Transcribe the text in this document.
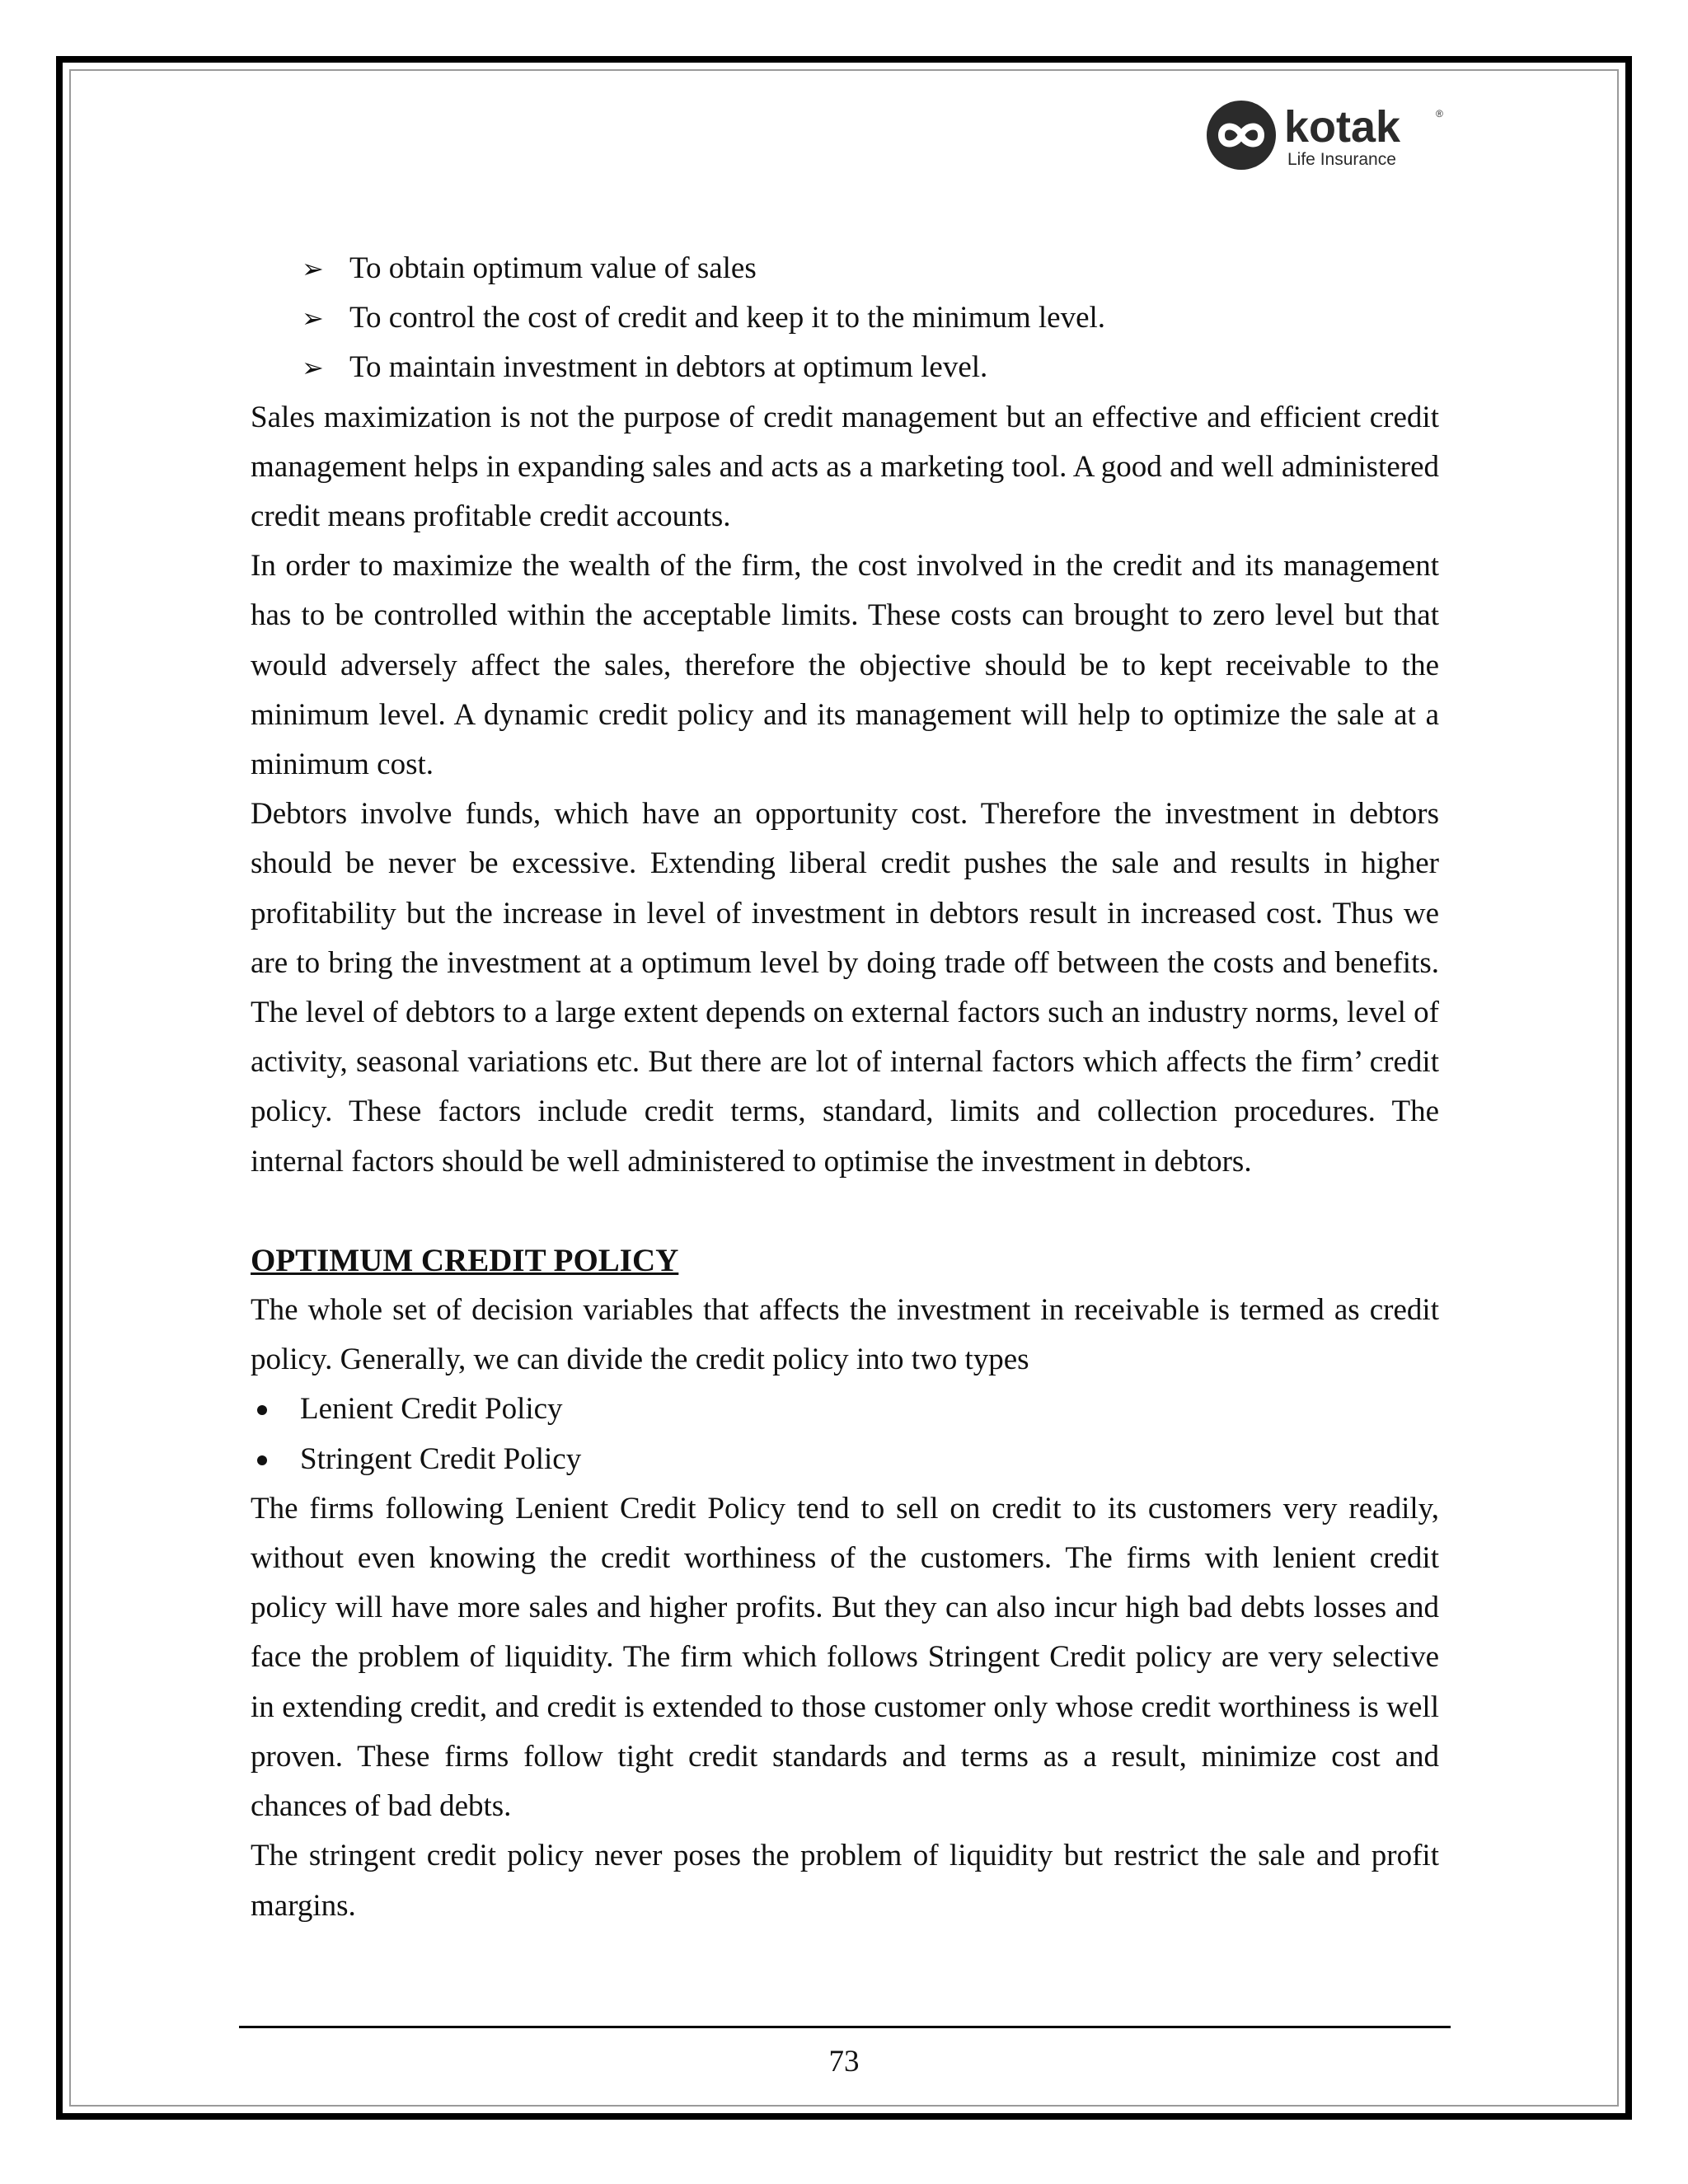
kotak	®
Life Insurance
➢ To obtain optimum value of sales
➢ To control the cost of credit and keep it to the minimum level.
➢ To maintain investment in debtors at optimum level.

Sales maximization is not the purpose of credit management but an effective and efficient credit management helps in expanding sales and acts as a marketing tool. A good and well administered credit means profitable credit accounts.

In order to maximize the wealth of the firm, the cost involved in the credit and its management has to be controlled within the acceptable limits. These costs can brought to zero level but that would adversely affect the sales, therefore the objective should be to kept receivable to the minimum level. A dynamic credit policy and its management will help to optimize the sale at a minimum cost.

Debtors involve funds, which have an opportunity cost. Therefore the investment in debtors should be never be excessive. Extending liberal credit pushes the sale and results in higher profitability but the increase in level of investment in debtors result in increased cost. Thus we are to bring the investment at a optimum level by doing trade off between the costs and benefits. The level of debtors to a large extent depends on external factors such an industry norms, level of activity, seasonal variations etc. But there are lot of internal factors which affects the firm’ credit policy. These factors include credit terms, standard, limits and collection procedures. The internal factors should be well administered to optimise the investment in debtors.

OPTIMUM CREDIT POLICY

The whole set of decision variables that affects the investment in receivable is termed as credit policy. Generally, we can divide the credit policy into two types

Lenient Credit Policy
Stringent Credit Policy

The firms following Lenient Credit Policy tend to sell on credit to its customers very readily, without even knowing the credit worthiness of the customers. The firms with lenient credit policy will have more sales and higher profits. But they can also incur high bad debts losses and face the problem of liquidity. The firm which follows Stringent Credit policy are very selective in extending credit, and credit is extended to those customer only whose credit worthiness is well proven. These firms follow tight credit standards and terms as a result, minimize cost and chances of bad debts.

The stringent credit policy never poses the problem of liquidity but restrict the sale and profit margins.

73
